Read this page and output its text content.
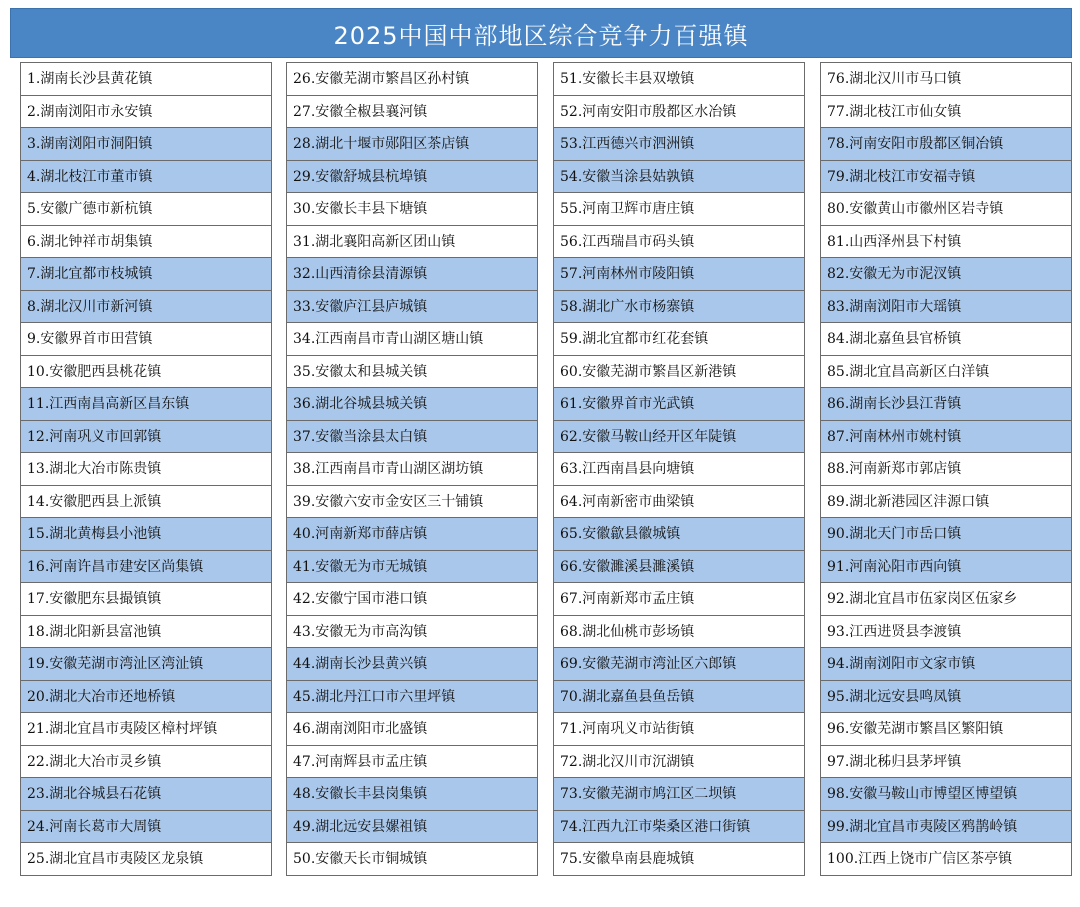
2025中国中部地区综合竞争力百强镇
1.湖南长沙县黄花镇
2.湖南浏阳市永安镇
3.湖南浏阳市洞阳镇
4.湖北枝江市董市镇
5.安徽广德市新杭镇
6.湖北钟祥市胡集镇
7.湖北宜都市枝城镇
8.湖北汉川市新河镇
9.安徽界首市田营镇
10.安徽肥西县桃花镇
11.江西南昌高新区昌东镇
12.河南巩义市回郭镇
13.湖北大冶市陈贵镇
14.安徽肥西县上派镇
15.湖北黄梅县小池镇
16.河南许昌市建安区尚集镇
17.安徽肥东县撮镇镇
18.湖北阳新县富池镇
19.安徽芜湖市湾沚区湾沚镇
20.湖北大冶市还地桥镇
21.湖北宜昌市夷陵区樟村坪镇
22.湖北大冶市灵乡镇
23.湖北谷城县石花镇
24.河南长葛市大周镇
25.湖北宜昌市夷陵区龙泉镇
26.安徽芜湖市繁昌区孙村镇
27.安徽全椒县襄河镇
28.湖北十堰市郧阳区茶店镇
29.安徽舒城县杭埠镇
30.安徽长丰县下塘镇
31.湖北襄阳高新区团山镇
32.山西清徐县清源镇
33.安徽庐江县庐城镇
34.江西南昌市青山湖区塘山镇
35.安徽太和县城关镇
36.湖北谷城县城关镇
37.安徽当涂县太白镇
38.江西南昌市青山湖区湖坊镇
39.安徽六安市金安区三十铺镇
40.河南新郑市薛店镇
41.安徽无为市无城镇
42.安徽宁国市港口镇
43.安徽无为市高沟镇
44.湖南长沙县黄兴镇
45.湖北丹江口市六里坪镇
46.湖南浏阳市北盛镇
47.河南辉县市孟庄镇
48.安徽长丰县岗集镇
49.湖北远安县嫘祖镇
50.安徽天长市铜城镇
51.安徽长丰县双墩镇
52.河南安阳市殷都区水冶镇
53.江西德兴市泗洲镇
54.安徽当涂县姑孰镇
55.河南卫辉市唐庄镇
56.江西瑞昌市码头镇
57.河南林州市陵阳镇
58.湖北广水市杨寨镇
59.湖北宜都市红花套镇
60.安徽芜湖市繁昌区新港镇
61.安徽界首市光武镇
62.安徽马鞍山经开区年陡镇
63.江西南昌县向塘镇
64.河南新密市曲梁镇
65.安徽歙县徽城镇
66.安徽濉溪县濉溪镇
67.河南新郑市孟庄镇
68.湖北仙桃市彭场镇
69.安徽芜湖市湾沚区六郎镇
70.湖北嘉鱼县鱼岳镇
71.河南巩义市站街镇
72.湖北汉川市沉湖镇
73.安徽芜湖市鸠江区二坝镇
74.江西九江市柴桑区港口街镇
75.安徽阜南县鹿城镇
76.湖北汉川市马口镇
77.湖北枝江市仙女镇
78.河南安阳市殷都区铜冶镇
79.湖北枝江市安福寺镇
80.安徽黄山市徽州区岩寺镇
81.山西泽州县下村镇
82.安徽无为市泥汊镇
83.湖南浏阳市大瑶镇
84.湖北嘉鱼县官桥镇
85.湖北宜昌高新区白洋镇
86.湖南长沙县江背镇
87.河南林州市姚村镇
88.河南新郑市郭店镇
89.湖北新港园区沣源口镇
90.湖北天门市岳口镇
91.河南沁阳市西向镇
92.湖北宜昌市伍家岗区伍家乡
93.江西进贤县李渡镇
94.湖南浏阳市文家市镇
95.湖北远安县鸣凤镇
96.安徽芜湖市繁昌区繁阳镇
97.湖北秭归县茅坪镇
98.安徽马鞍山市博望区博望镇
99.湖北宜昌市夷陵区鸦鹊岭镇
100.江西上饶市广信区茶亭镇
